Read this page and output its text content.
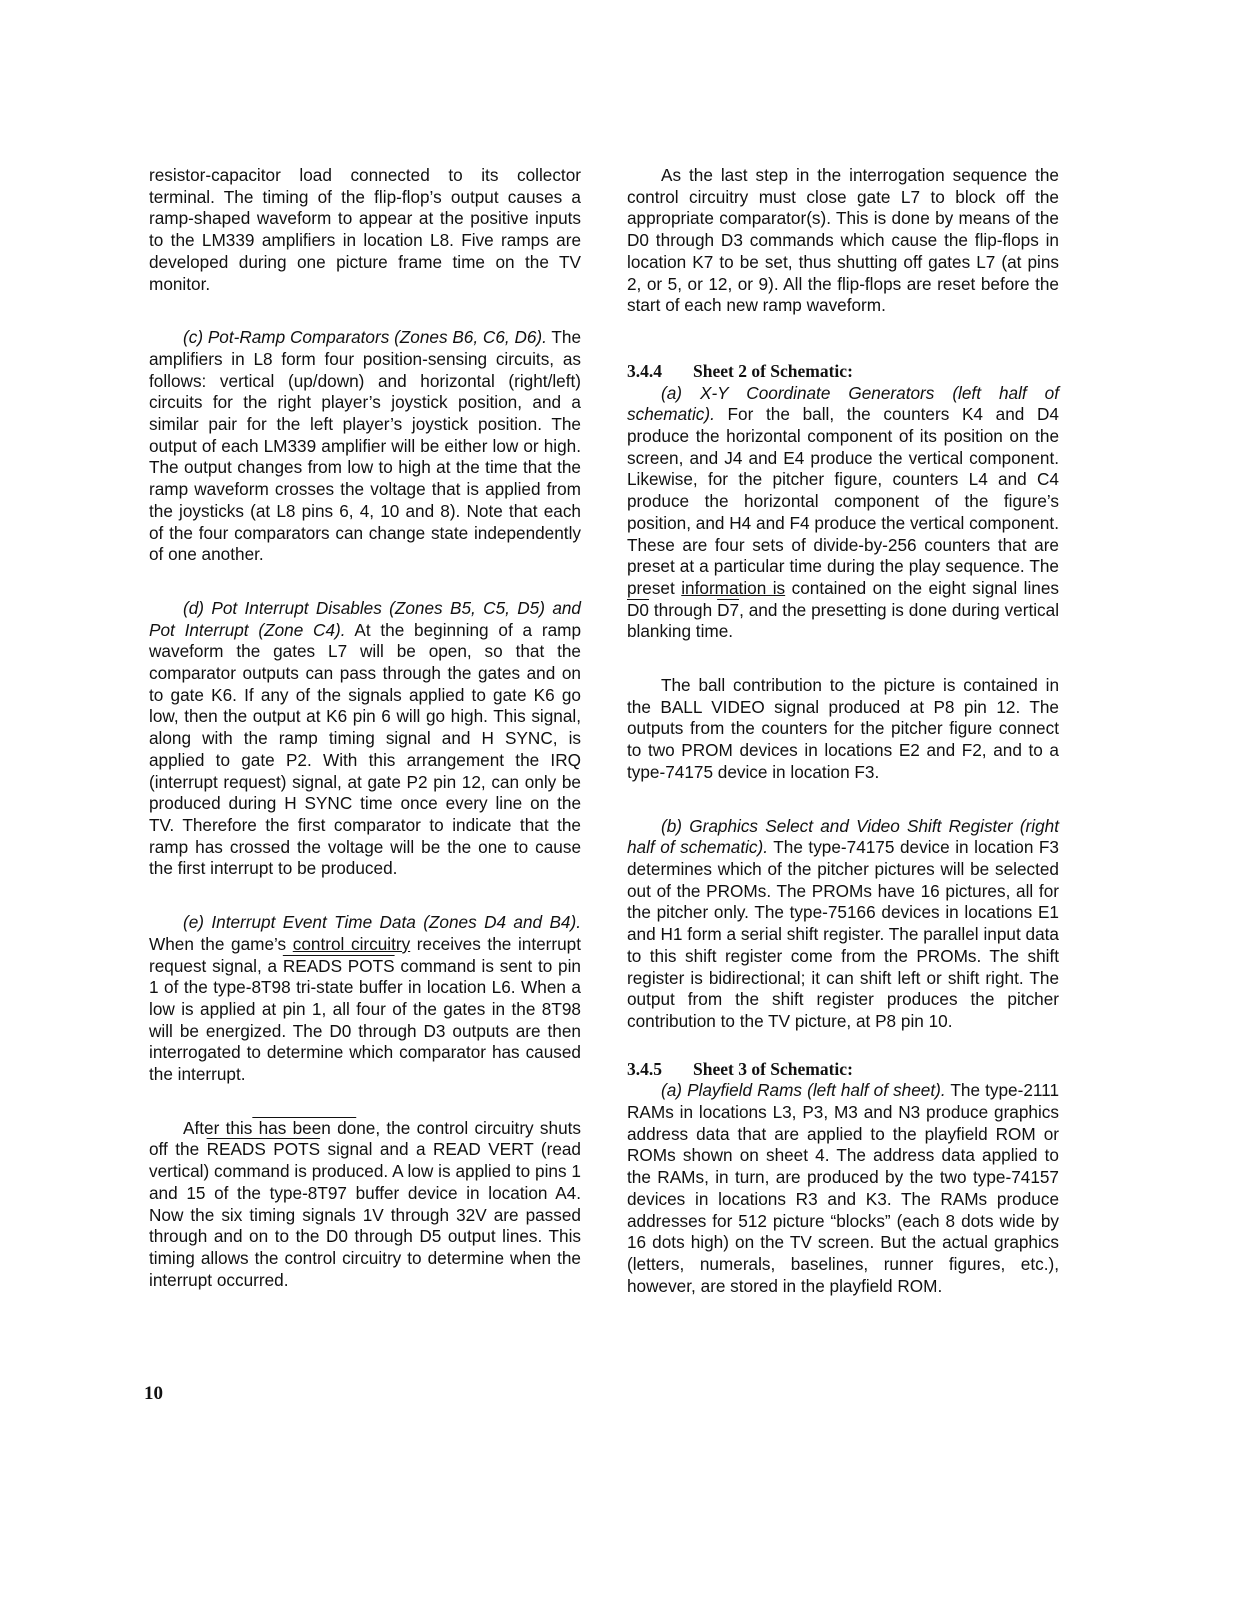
resistor-capacitor load connected to its collector terminal. The timing of the flip-flop’s output causes a ramp-shaped waveform to appear at the positive inputs to the LM339 amplifiers in location L8. Five ramps are developed during one picture frame time on the TV monitor.

(c) Pot-Ramp Comparators (Zones B6, C6, D6). The amplifiers in L8 form four position-sensing circuits, as follows: vertical (up/down) and horizontal (right/left) circuits for the right player’s joystick position, and a similar pair for the left player’s joystick position. The output of each LM339 amplifier will be either low or high. The output changes from low to high at the time that the ramp waveform crosses the voltage that is applied from the joysticks (at L8 pins 6, 4, 10 and 8). Note that each of the four comparators can change state independently of one another.

(d) Pot Interrupt Disables (Zones B5, C5, D5) and Pot Interrupt (Zone C4). At the beginning of a ramp waveform the gates L7 will be open, so that the comparator outputs can pass through the gates and on to gate K6. If any of the signals applied to gate K6 go low, then the output at K6 pin 6 will go high. This signal, along with the ramp timing signal and H SYNC, is applied to gate P2. With this arrangement the IRQ (interrupt request) signal, at gate P2 pin 12, can only be produced during H SYNC time once every line on the TV. Therefore the first comparator to indicate that the ramp has crossed the voltage will be the one to cause the first interrupt to be produced.

(e) Interrupt Event Time Data (Zones D4 and B4). When the game’s control circuitry receives the interrupt request signal, a READS POTS command is sent to pin 1 of the type-8T98 tri-state buffer in location L6. When a low is applied at pin 1, all four of the gates in the 8T98 will be energized. The D0 through D3 outputs are then interrogated to determine which comparator has caused the interrupt.

After this has been done, the control circuitry shuts off the READS POTS signal and a READ VERT (read vertical) command is produced. A low is applied to pins 1 and 15 of the type-8T97 buffer device in location A4. Now the six timing signals 1V through 32V are passed through and on to the D0 through D5 output lines. This timing allows the control circuitry to determine when the interrupt occurred.

As the last step in the interrogation sequence the control circuitry must close gate L7 to block off the appropriate comparator(s). This is done by means of the D0 through D3 commands which cause the flip-flops in location K7 to be set, thus shutting off gates L7 (at pins 2, or 5, or 12, or 9). All the flip-flops are reset before the start of each new ramp waveform.

3.4.4 Sheet 2 of Schematic:

(a) X-Y Coordinate Generators (left half of schematic). For the ball, the counters K4 and D4 produce the horizontal component of its position on the screen, and J4 and E4 produce the vertical component. Likewise, for the pitcher figure, counters L4 and C4 produce the horizontal component of the figure’s position, and H4 and F4 produce the vertical component. These are four sets of divide-by-256 counters that are preset at a particular time during the play sequence. The preset information is contained on the eight signal lines D0 through D7, and the presetting is done during vertical blanking time.

The ball contribution to the picture is contained in the BALL VIDEO signal produced at P8 pin 12. The outputs from the counters for the pitcher figure connect to two PROM devices in locations E2 and F2, and to a type-74175 device in location F3.

(b) Graphics Select and Video Shift Register (right half of schematic). The type-74175 device in location F3 determines which of the pitcher pictures will be selected out of the PROMs. The PROMs have 16 pictures, all for the pitcher only. The type-75166 devices in locations E1 and H1 form a serial shift register. The parallel input data to this shift register come from the PROMs. The shift register is bidirectional; it can shift left or shift right. The output from the shift register produces the pitcher contribution to the TV picture, at P8 pin 10.

3.4.5 Sheet 3 of Schematic:

(a) Playfield Rams (left half of sheet). The type-2111 RAMs in locations L3, P3, M3 and N3 produce graphics address data that are applied to the playfield ROM or ROMs shown on sheet 4. The address data applied to the RAMs, in turn, are produced by the two type-74157 devices in locations R3 and K3. The RAMs produce addresses for 512 picture “blocks” (each 8 dots wide by 16 dots high) on the TV screen. But the actual graphics (letters, numerals, baselines, runner figures, etc.), however, are stored in the playfield ROM.

10
